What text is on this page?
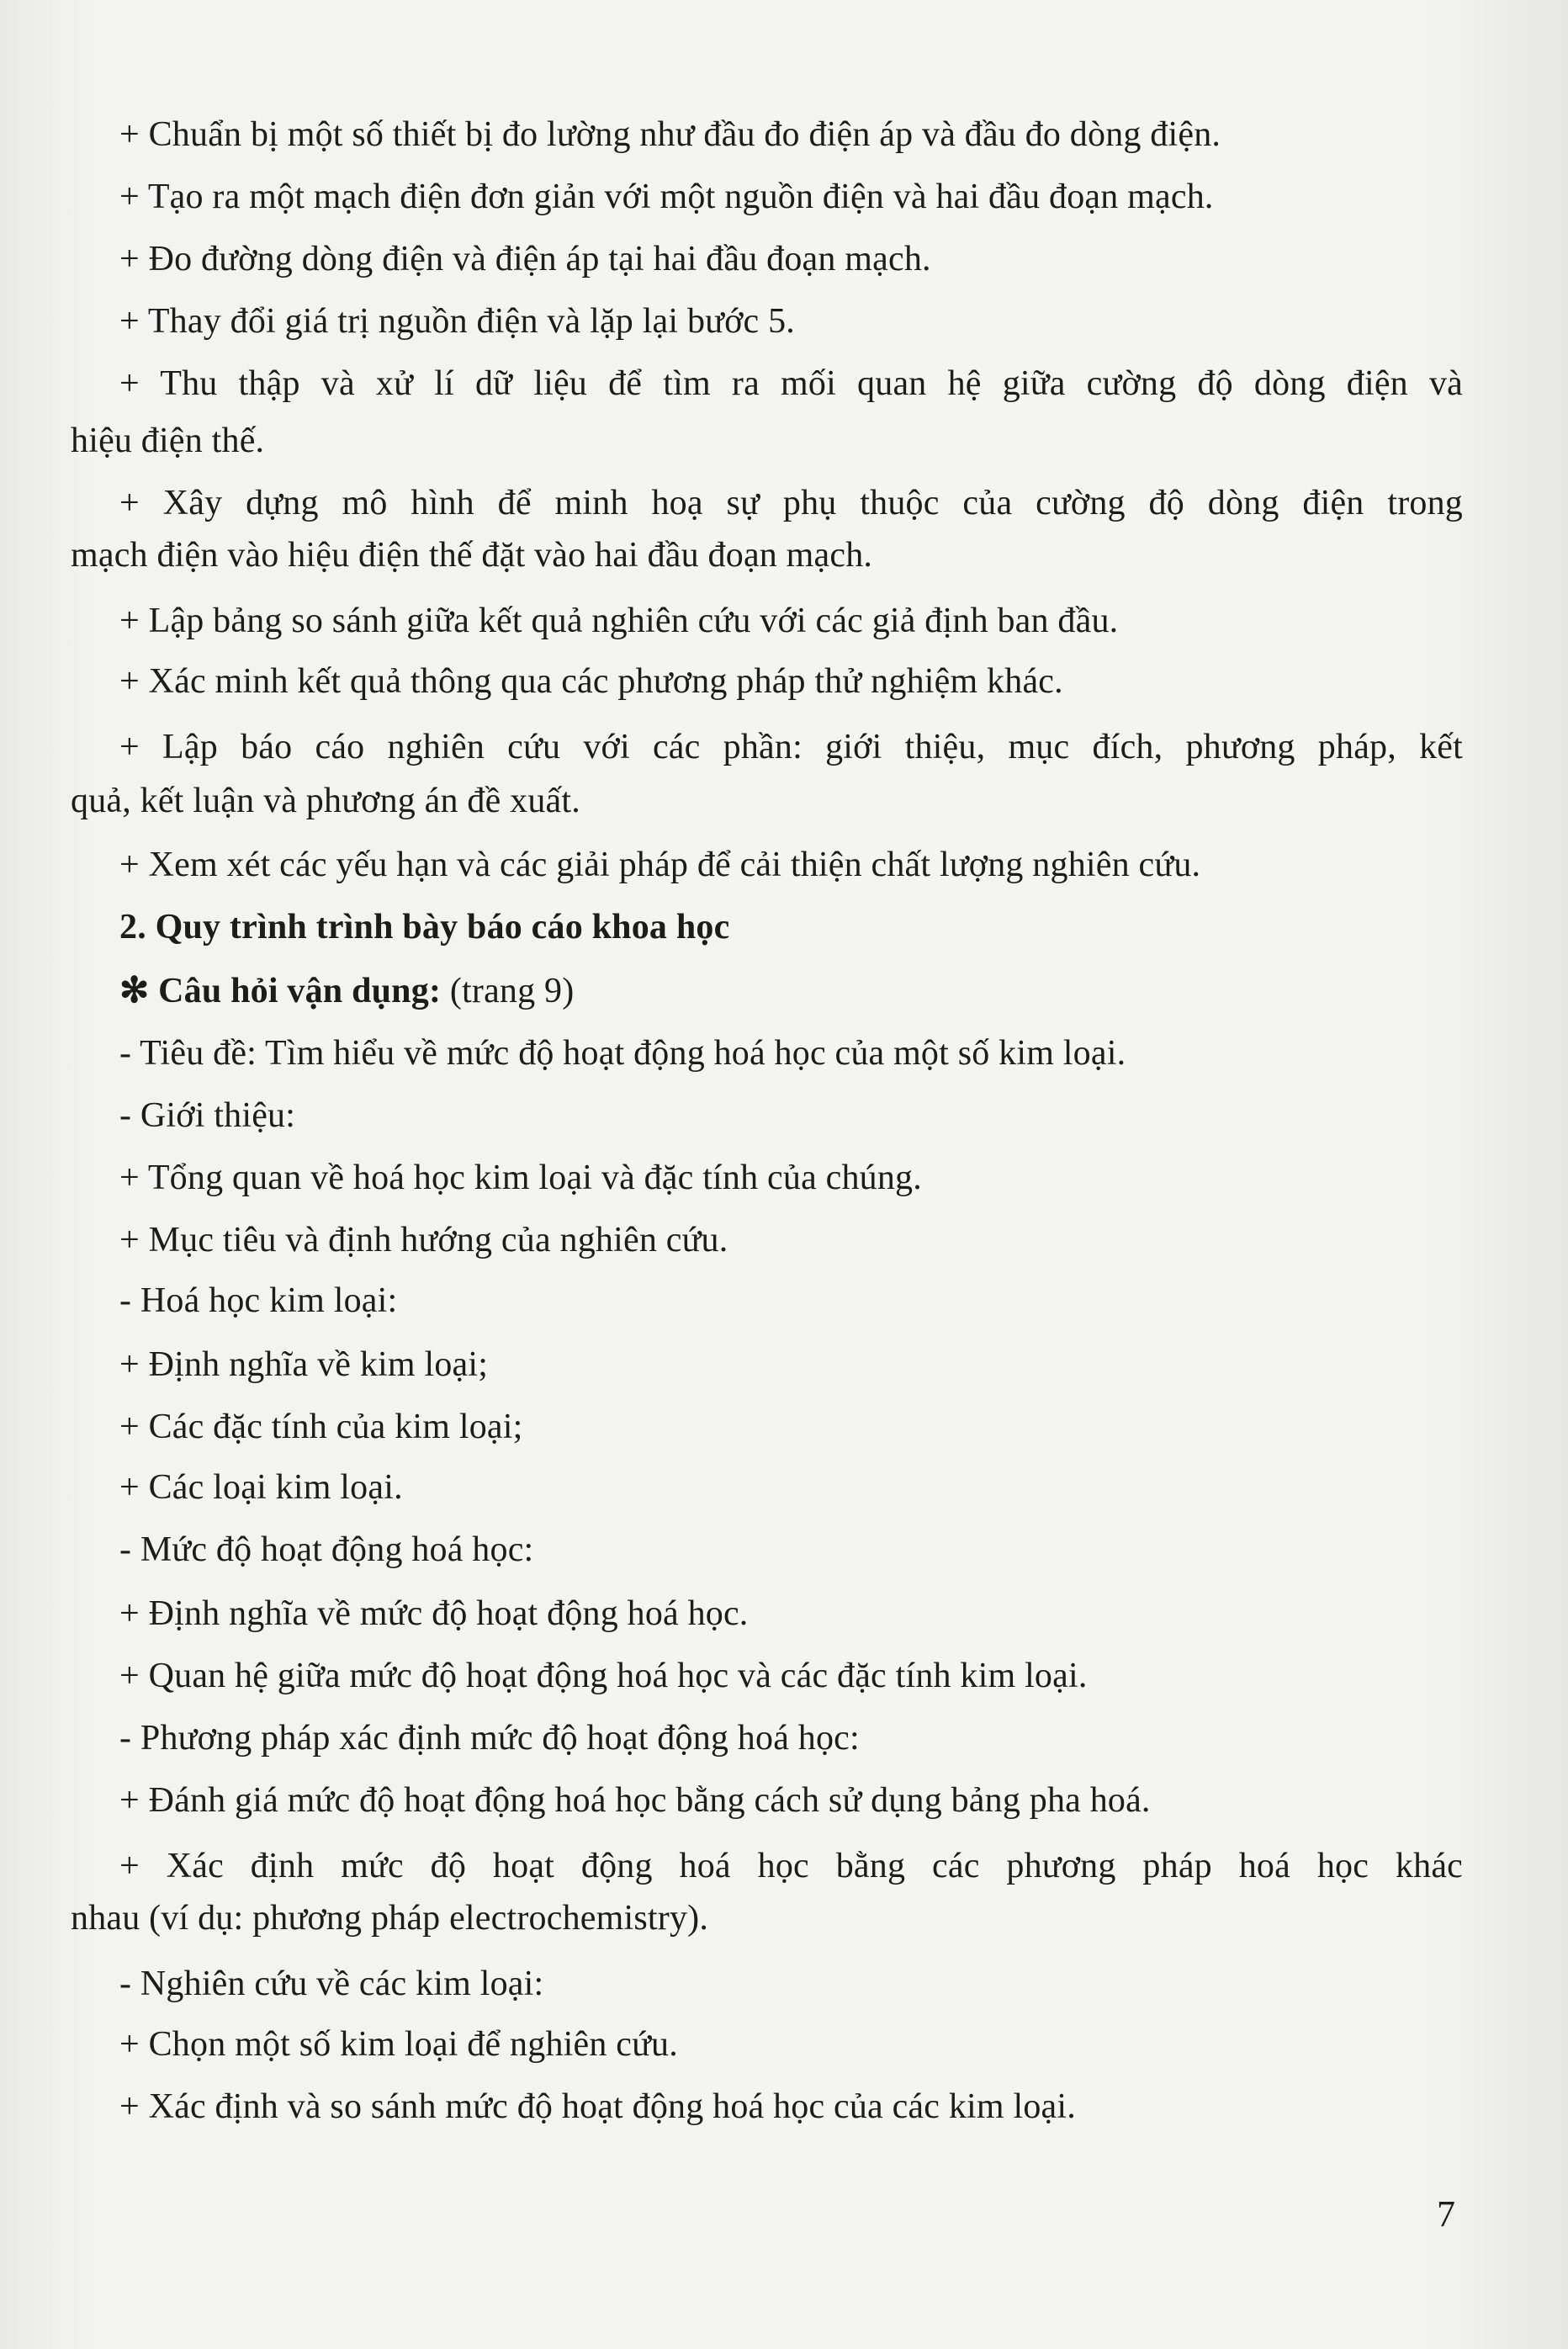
+ Chuẩn bị một số thiết bị đo lường như đầu đo điện áp và đầu đo dòng điện.
+ Tạo ra một mạch điện đơn giản với một nguồn điện và hai đầu đoạn mạch.
+ Đo đường dòng điện và điện áp tại hai đầu đoạn mạch.
+ Thay đổi giá trị nguồn điện và lặp lại bước 5.
+ Thu thập và xử lí dữ liệu để tìm ra mối quan hệ giữa cường độ dòng điện và
hiệu điện thế.
+ Xây dựng mô hình để minh hoạ sự phụ thuộc của cường độ dòng điện trong
mạch điện vào hiệu điện thế đặt vào hai đầu đoạn mạch.
+ Lập bảng so sánh giữa kết quả nghiên cứu với các giả định ban đầu.
+ Xác minh kết quả thông qua các phương pháp thử nghiệm khác.
+ Lập báo cáo nghiên cứu với các phần: giới thiệu, mục đích, phương pháp, kết
quả, kết luận và phương án đề xuất.
+ Xem xét các yếu hạn và các giải pháp để cải thiện chất lượng nghiên cứu.
2. Quy trình trình bày báo cáo khoa học
✻ Câu hỏi vận dụng: (trang 9)
- Tiêu đề: Tìm hiểu về mức độ hoạt động hoá học của một số kim loại.
- Giới thiệu:
+ Tổng quan về hoá học kim loại và đặc tính của chúng.
+ Mục tiêu và định hướng của nghiên cứu.
- Hoá học kim loại:
+ Định nghĩa về kim loại;
+ Các đặc tính của kim loại;
+ Các loại kim loại.
- Mức độ hoạt động hoá học:
+ Định nghĩa về mức độ hoạt động hoá học.
+ Quan hệ giữa mức độ hoạt động hoá học và các đặc tính kim loại.
- Phương pháp xác định mức độ hoạt động hoá học:
+ Đánh giá mức độ hoạt động hoá học bằng cách sử dụng bảng pha hoá.
+ Xác định mức độ hoạt động hoá học bằng các phương pháp hoá học khác
nhau (ví dụ: phương pháp electrochemistry).
- Nghiên cứu về các kim loại:
+ Chọn một số kim loại để nghiên cứu.
+ Xác định và so sánh mức độ hoạt động hoá học của các kim loại.
7
